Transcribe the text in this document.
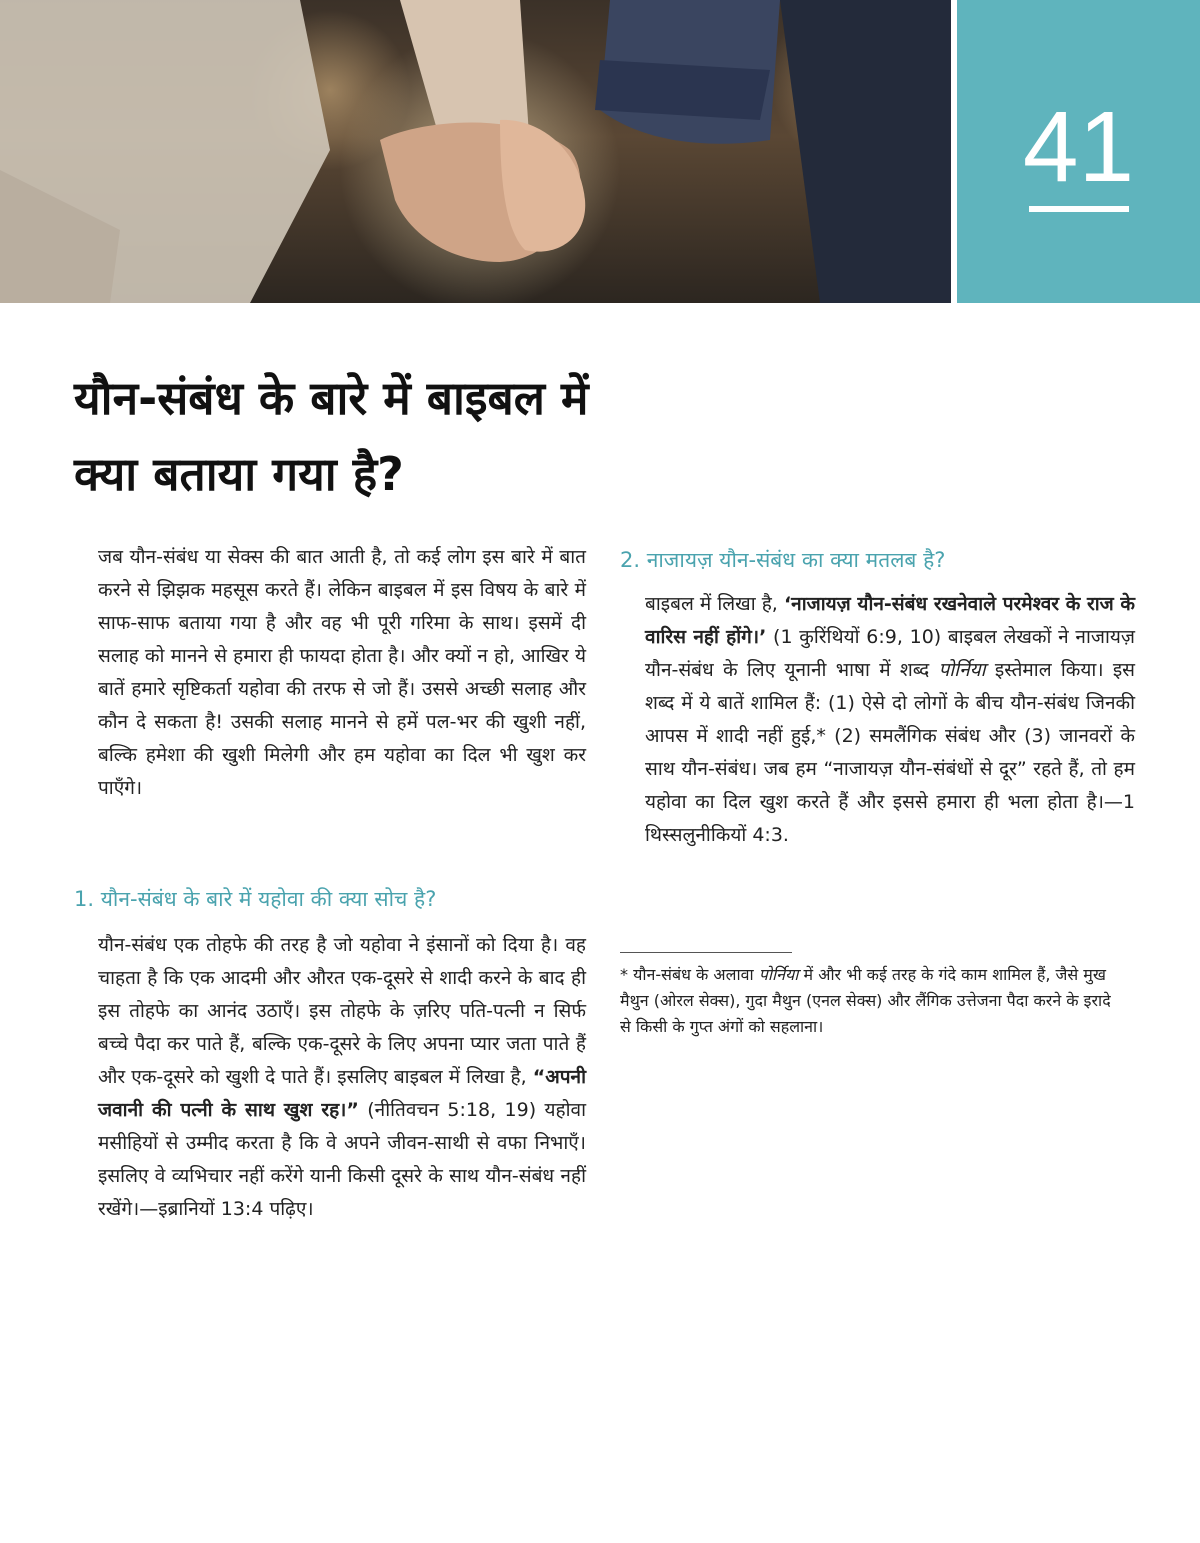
41
यौन-संबंध के बारे में बाइबल में
क्या बताया गया है?

जब यौन-संबंध या सेक्स की बात आती है, तो कई लोग इस बारे में बात करने से झिझक महसूस करते हैं। लेकिन बाइबल में इस विषय के बारे में साफ-साफ बताया गया है और वह भी पूरी गरिमा के साथ। इसमें दी सलाह को मानने से हमारा ही फायदा होता है। और क्यों न हो, आखिर ये बातें हमारे सृष्टिकर्ता यहोवा की तरफ से जो हैं। उससे अच्छी सलाह और कौन दे सकता है! उसकी सलाह मानने से हमें पल-भर की खुशी नहीं, बल्कि हमेशा की खुशी मिलेगी और हम यहोवा का दिल भी खुश कर पाएँगे।

1. यौन-संबंध के बारे में यहोवा की क्या सोच है?

यौन-संबंध एक तोहफे की तरह है जो यहोवा ने इंसानों को दिया है। वह चाहता है कि एक आदमी और औरत एक-दूसरे से शादी करने के बाद ही इस तोहफे का आनंद उठाएँ। इस तोहफे के ज़रिए पति-पत्नी न सिर्फ बच्चे पैदा कर पाते हैं, बल्कि एक-दूसरे के लिए अपना प्यार जता पाते हैं और एक-दूसरे को खुशी दे पाते हैं। इसलिए बाइबल में लिखा है, “अपनी जवानी की पत्नी के साथ खुश रह।” (नीतिवचन 5:18, 19) यहोवा मसीहियों से उम्मीद करता है कि वे अपने जीवन-साथी से वफा निभाएँ। इसलिए वे व्यभिचार नहीं करेंगे यानी किसी दूसरे के साथ यौन-संबंध नहीं रखेंगे।—इब्रानियों 13:4 पढ़िए।

2. नाजायज़ यौन-संबंध का क्या मतलब है?

बाइबल में लिखा है, ‘नाजायज़ यौन-संबंध रखनेवाले परमेश्वर के राज के वारिस नहीं होंगे।’ (1 कुरिंथियों 6:9, 10) बाइबल लेखकों ने नाजायज़ यौन-संबंध के लिए यूनानी भाषा में शब्द पोर्निया इस्तेमाल किया। इस शब्द में ये बातें शामिल हैं: (1) ऐसे दो लोगों के बीच यौन-संबंध जिनकी आपस में शादी नहीं हुई,* (2) समलैंगिक संबंध और (3) जानवरों के साथ यौन-संबंध। जब हम “नाजायज़ यौन-संबंधों से दूर” रहते हैं, तो हम यहोवा का दिल खुश करते हैं और इससे हमारा ही भला होता है।—1 थिस्सलुनीकियों 4:3.

* यौन-संबंध के अलावा पोर्निया में और भी कई तरह के गंदे काम शामिल हैं, जैसे मुख मैथुन (ओरल सेक्स), गुदा मैथुन (एनल सेक्स) और लैंगिक उत्तेजना पैदा करने के इरादे से किसी के गुप्त अंगों को सहलाना।
